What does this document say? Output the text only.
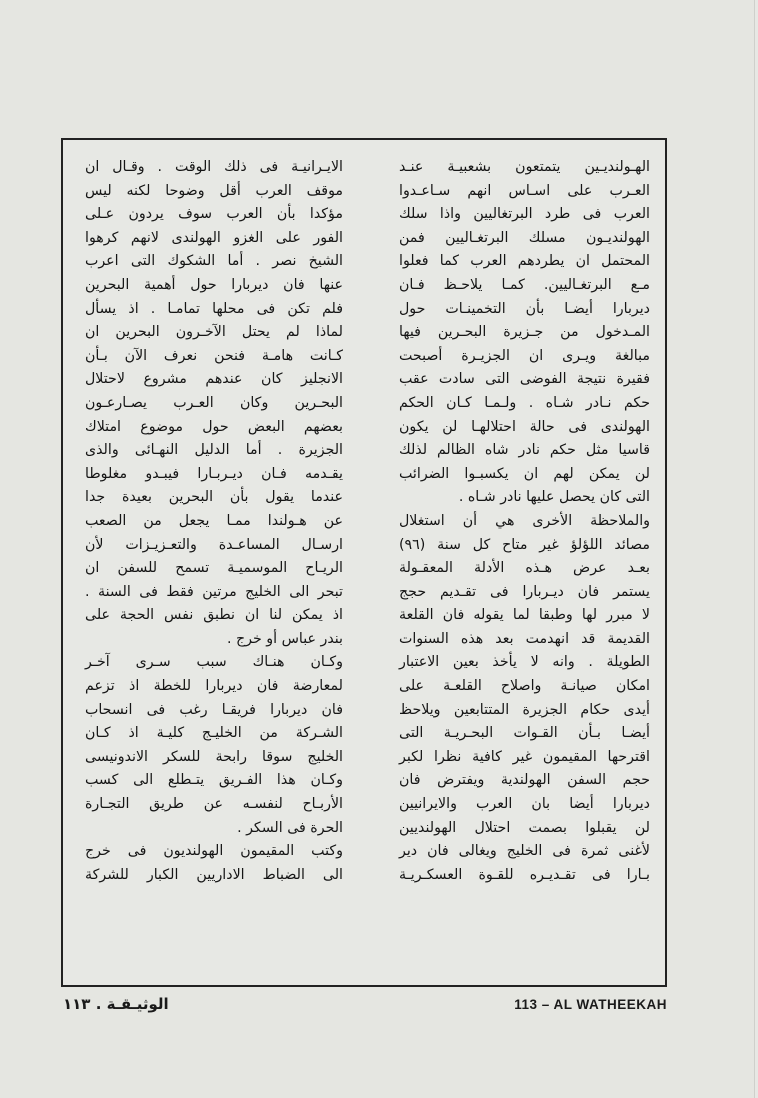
الهـولنديـين يتمتعون بشعبيـة عنـد
العـرب على اسـاس انهم سـاعـدوا
العرب فى طرد البرتغاليين واذا سلك
الهولنديـون مسلك البرتغـاليين فمن
المحتمل ان يطردهم العرب كما فعلوا
مـع البرتغـاليين. كمـا يلاحـظ فـان
ديربارا أيضـا بأن التخمينـات حول
المـدخول من جـزيرة البحـرين فيها
مبالغة ويـرى ان الجزيـرة أصبحت
فقيرة نتيجة الفوضى التى سادت عقب
حكم نـادر شـاه . ولـمـا كـان الحكم
الهولندى فى حالة احتلالهـا لن يكون
قاسيا مثل حكم نادر شاه الظالم لذلك
لن يمكن لهم ان يكسبـوا الضرائب
التى كان يحصل عليها نادر شـاه .
والملاحظة الأخرى هي أن استغلال
مصائد اللؤلؤ غير متاح كل سنة (٩٦)
بعـد عرض هـذه الأدلة المعقـولة
يستمر فان ديـربارا فى تقـديم حجج
لا مبرر لها وطبقا لما يقوله فان القلعة
القديمة قد انهدمت بعد هذه السنوات
الطويلة . وانه لا يأخذ بعين الاعتبار
امكان صيانـة واصلاح القلعـة على
أيدى حكام الجزيرة المتتابعين ويلاحظ
أيضـا بـأن القـوات البحـريـة التى
اقترحها المقيمون غير كافية نظرا لكبر
حجم السفن الهولندية ويفترض فان
ديربارا أيضا بان العرب والايرانيين
لن يقبلوا بصمت احتلال الهولنديين
لأغنى ثمرة فى الخليج ويغالى فان دير
بـارا فى تقـديـره للقـوة العسكـريـة
الايـرانيـة فى ذلك الوقت . وقـال ان
موقف العرب أقل وضوحا لكنه ليس
مؤكدا بأن العرب سوف يردون عـلى
الفور على الغزو الهولندى لانهم كرهوا
الشيخ نصر . أما الشكوك التى اعرب
عنها فان ديربارا حول أهمية البحرين
فلم تكن فى محلها تمامـا . اذ يسأل
لماذا لم يحتل الآخـرون البحرين ان
كـانت هامـة فنحن نعرف الآن بـأن
الانجليز كان عندهم مشروع لاحتلال
البحـرين وكان العـرب يصـارعـون
بعضهم البعض حول موضوع امتلاك
الجزيرة . أما الدليل النهـائى والذى
يقـدمه فـان ديـربـارا فيبـدو مغلوطا
عندما يقول بأن البحرين بعيدة جدا
عن هـولندا ممـا يجعل من الصعب
ارسـال المساعـدة والتعـزيـزات لأن
الريـاح الموسميـة تسمح للسفن ان
تبحر الى الخليج مرتين فقط فى السنة .
اذ يمكن لنا ان نطبق نفس الحجة على
بندر عباس أو خرج .
وكـان هنـاك سبب سـرى آخـر
لمعارضة فان ديربارا للخطة اذ تزعم
فان ديربارا فريقـا رغب فى انسحاب
الشـركة من الخليـج كليـة اذ كـان
الخليج سوقا رابحة للسكر الاندونيسى
وكـان هذا الفـريق يتـطلع الى كسب
الأربـاح لنفسـه عن طريق التجـارة
الحرة فى السكر .
وكتب المقيمون الهولنديون فى خرج
الى الضباط الاداريين الكبار للشركة
الوثيـقـة . ١١٣	113 – AL WATHEEKAH
